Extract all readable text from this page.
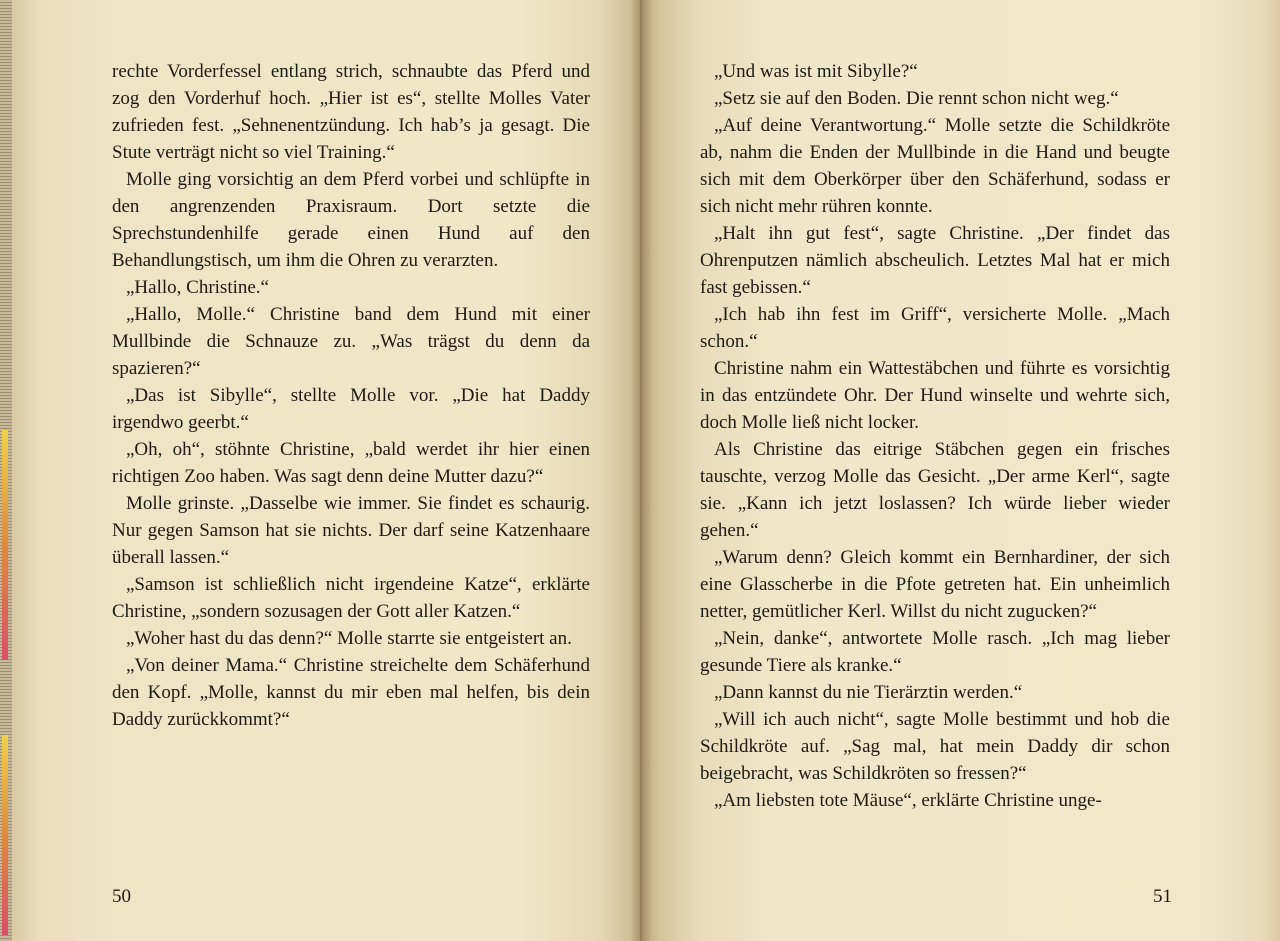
rechte Vorderfessel entlang strich, schnaubte das Pferd und zog den Vorderhuf hoch. „Hier ist es“, stellte Molles Vater zufrieden fest. „Sehnenentzündung. Ich hab’s ja gesagt. Die Stute verträgt nicht so viel Training.“

Molle ging vorsichtig an dem Pferd vorbei und schlüpfte in den angrenzenden Praxisraum. Dort setzte die Sprechstundenhilfe gerade einen Hund auf den Behandlungstisch, um ihm die Ohren zu verarzten.

„Hallo, Christine.“

„Hallo, Molle.“ Christine band dem Hund mit einer Mullbinde die Schnauze zu. „Was trägst du denn da spazieren?“

„Das ist Sibylle“, stellte Molle vor. „Die hat Daddy irgendwo geerbt.“

„Oh, oh“, stöhnte Christine, „bald werdet ihr hier einen richtigen Zoo haben. Was sagt denn deine Mutter dazu?“

Molle grinste. „Dasselbe wie immer. Sie findet es schaurig. Nur gegen Samson hat sie nichts. Der darf seine Katzenhaare überall lassen.“

„Samson ist schließlich nicht irgendeine Katze“, erklärte Christine, „sondern sozusagen der Gott aller Katzen.“

„Woher hast du das denn?“ Molle starrte sie entgeistert an.

„Von deiner Mama.“ Christine streichelte dem Schäferhund den Kopf. „Molle, kannst du mir eben mal helfen, bis dein Daddy zurückkommt?“

50

„Und was ist mit Sibylle?“

„Setz sie auf den Boden. Die rennt schon nicht weg.“

„Auf deine Verantwortung.“ Molle setzte die Schildkröte ab, nahm die Enden der Mullbinde in die Hand und beugte sich mit dem Oberkörper über den Schäferhund, sodass er sich nicht mehr rühren konnte.

„Halt ihn gut fest“, sagte Christine. „Der findet das Ohrenputzen nämlich abscheulich. Letztes Mal hat er mich fast gebissen.“

„Ich hab ihn fest im Griff“, versicherte Molle. „Mach schon.“

Christine nahm ein Wattestäbchen und führte es vorsichtig in das entzündete Ohr. Der Hund winselte und wehrte sich, doch Molle ließ nicht locker.

Als Christine das eitrige Stäbchen gegen ein frisches tauschte, verzog Molle das Gesicht. „Der arme Kerl“, sagte sie. „Kann ich jetzt loslassen? Ich würde lieber wieder gehen.“

„Warum denn? Gleich kommt ein Bernhardiner, der sich eine Glasscherbe in die Pfote getreten hat. Ein unheimlich netter, gemütlicher Kerl. Willst du nicht zugucken?“

„Nein, danke“, antwortete Molle rasch. „Ich mag lieber gesunde Tiere als kranke.“

„Dann kannst du nie Tierärztin werden.“

„Will ich auch nicht“, sagte Molle bestimmt und hob die Schildkröte auf. „Sag mal, hat mein Daddy dir schon beigebracht, was Schildkröten so fressen?“

„Am liebsten tote Mäuse“, erklärte Christine unge-

51
